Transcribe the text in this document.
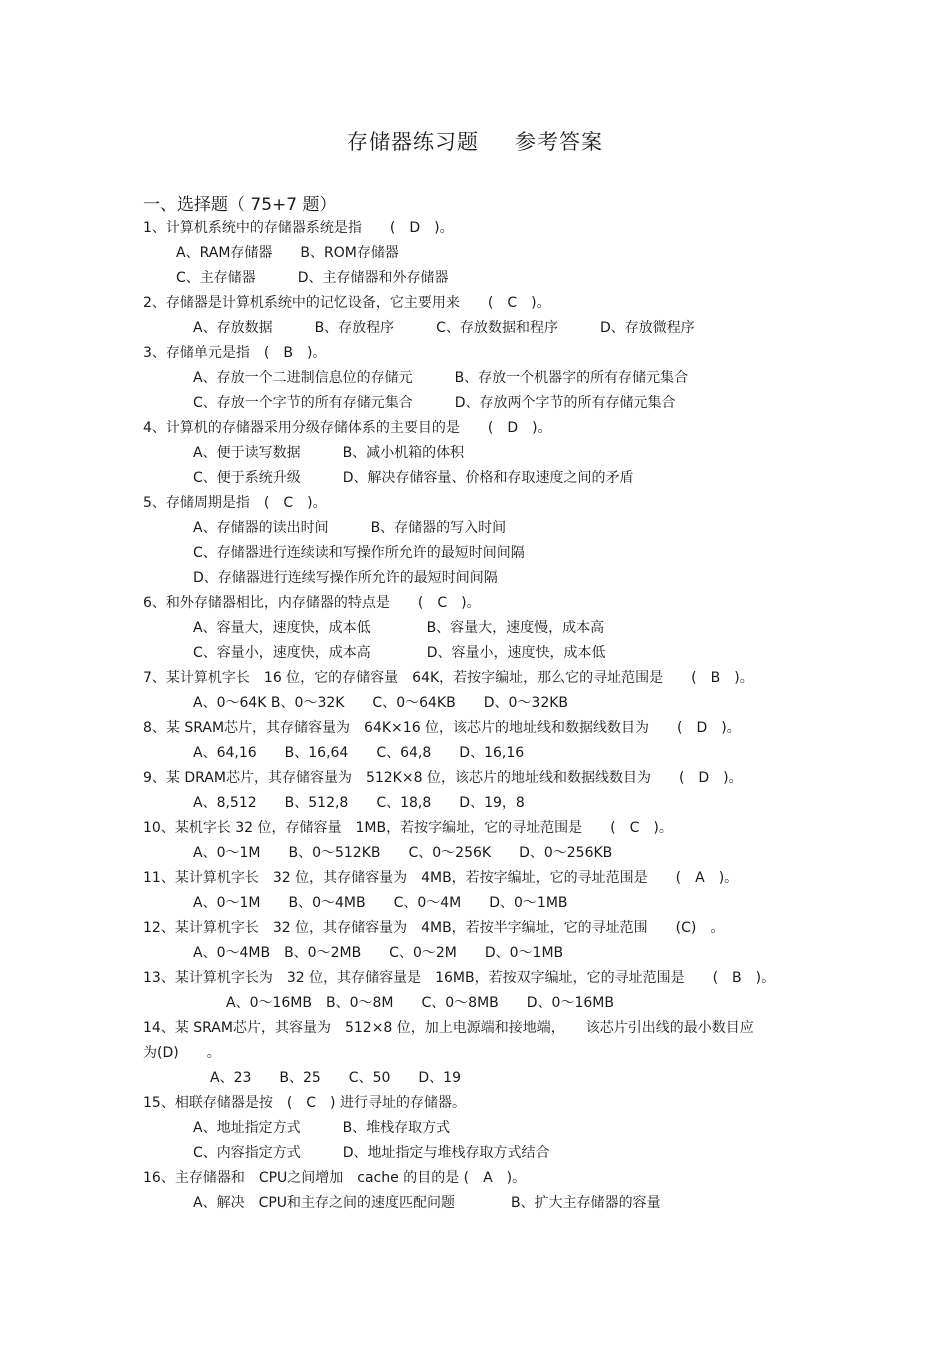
存储器练习题 参考答案
一、选择题（ 75+7 题）
1、计算机系统中的存储器系统是指　　(　D　)。
A、RAM存储器　　B、ROM存储器
C、主存储器　　　D、主存储器和外存储器
2、存储器是计算机系统中的记忆设备，它主要用来　　(　C　)。
A、存放数据　　　B、存放程序　　　C、存放数据和程序　　　D、存放微程序
3、存储单元是指　(　B　)。
A、存放一个二进制信息位的存储元　　　B、存放一个机器字的所有存储元集合
C、存放一个字节的所有存储元集合　　　D、存放两个字节的所有存储元集合
4、计算机的存储器采用分级存储体系的主要目的是　　(　D　)。
A、便于读写数据　　　B、减小机箱的体积
C、便于系统升级　　　D、解决存储容量、价格和存取速度之间的矛盾
5、存储周期是指　(　C　)。
A、存储器的读出时间　　　B、存储器的写入时间
C、存储器进行连续读和写操作所允许的最短时间间隔
D、存储器进行连续写操作所允许的最短时间间隔
6、和外存储器相比，内存储器的特点是　　(　C　)。
A、容量大，速度快，成本低　　　　B、容量大，速度慢，成本高
C、容量小，速度快，成本高　　　　D、容量小，速度快，成本低
7、某计算机字长　16 位，它的存储容量　64K，若按字编址，那么它的寻址范围是　　(　B　)。
A、0～64K B、0～32K　　C、0～64KB　　D、0～32KB
8、某 SRAM芯片，其存储容量为　64K×16 位，该芯片的地址线和数据线数目为　　(　D　)。
A、64,16　　B、16,64　　C、64,8　　D、16,16
9、某 DRAM芯片，其存储容量为　512K×8 位，该芯片的地址线和数据线数目为　　(　D　)。
A、8,512　　B、512,8　　C、18,8　　D、19，8
10、某机字长 32 位，存储容量　1MB，若按字编址，它的寻址范围是　　(　C　)。
A、0～1M　　B、0～512KB　　C、0～256K　　D、0～256KB
11、某计算机字长　32 位，其存储容量为　4MB，若按字编址，它的寻址范围是　　(　A　)。
A、0～1M　　B、0～4MB　　C、0～4M　　D、0～1MB
12、某计算机字长　32 位，其存储容量为　4MB，若按半字编址，它的寻址范围　　(C)　。
A、0～4MB　B、0～2MB　　C、0～2M　　D、0～1MB
13、某计算机字长为　32 位，其存储容量是　16MB，若按双字编址，它的寻址范围是　　(　B　)。
A、0～16MB　B、0～8M　　C、0～8MB　　D、0～16MB
14、某 SRAM芯片，其容量为　512×8 位，加上电源端和接地端，　　该芯片引出线的最小数目应
为(D)　　。
A、23　　B、25　　C、50　　D、19
15、相联存储器是按　(　C　) 进行寻址的存储器。
A、地址指定方式　　　B、堆栈存取方式
C、内容指定方式　　　D、地址指定与堆栈存取方式结合
16、主存储器和　CPU之间增加　cache 的目的是 (　A　)。
A、解决　CPU和主存之间的速度匹配问题　　　　B、扩大主存储器的容量
